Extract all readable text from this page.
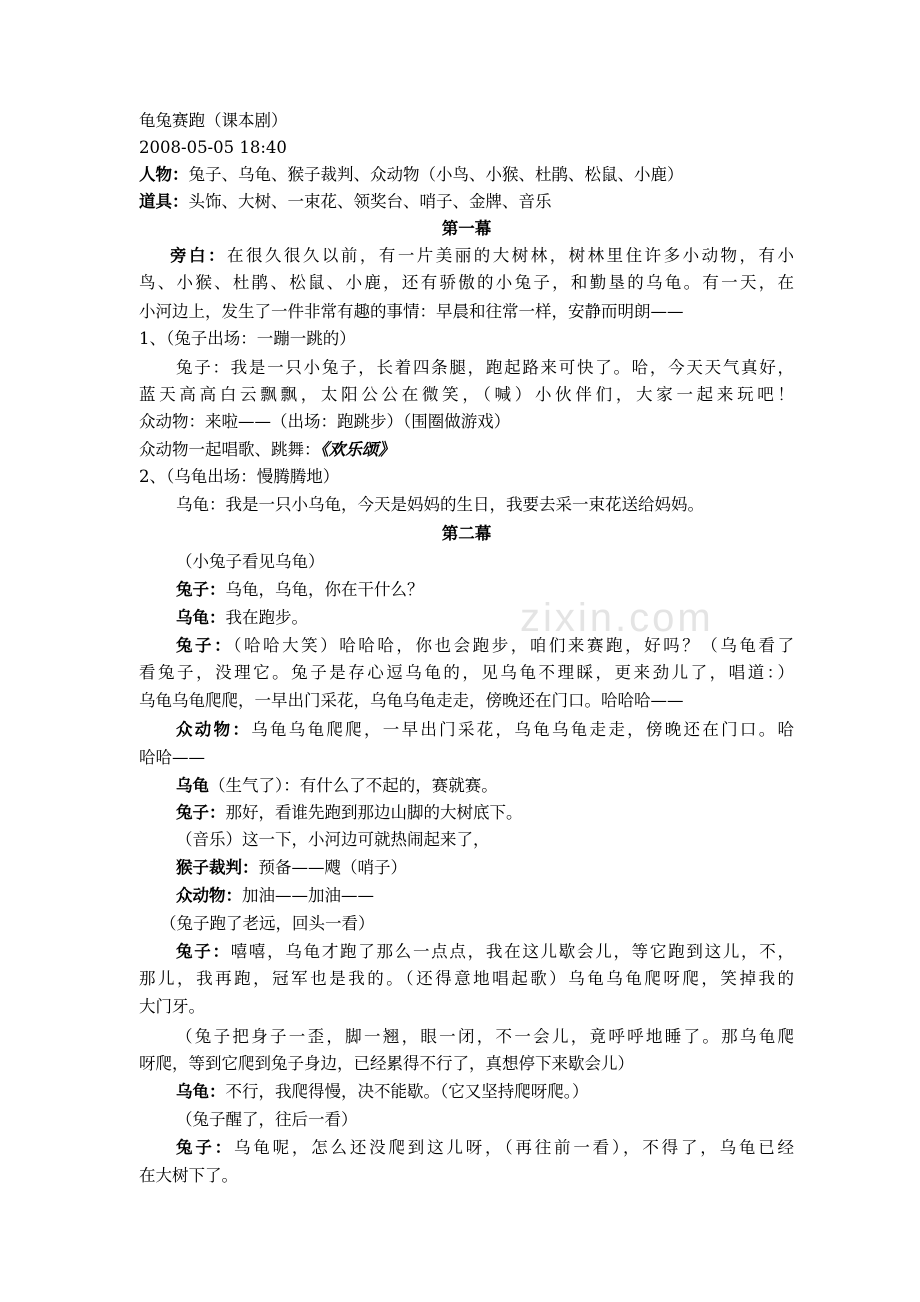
zixin.com
龟兔赛跑（课本剧）
2008-05-05 18:40
人物：兔子、乌龟、猴子裁判、众动物（小鸟、小猴、杜鹃、松鼠、小鹿）
道具：头饰、大树、一束花、领奖台、哨子、金牌、音乐
第一幕
旁白：在很久很久以前，有一片美丽的大树林，树林里住许多小动物，有小
鸟、小猴、杜鹃、松鼠、小鹿，还有骄傲的小兔子，和勤垦的乌龟。有一天，在
小河边上，发生了一件非常有趣的事情：早晨和往常一样，安静而明朗——
1、（兔子出场：一蹦一跳的）
兔子：我是一只小兔子，长着四条腿，跑起路来可快了。哈，今天天气真好，
蓝天高高白云飘飘，太阳公公在微笑，（喊）小伙伴们，大家一起来玩吧！
众动物：来啦——（出场：跑跳步）（围圈做游戏）
众动物一起唱歌、跳舞：《欢乐颂》
2、（乌龟出场：慢腾腾地）
乌龟：我是一只小乌龟，今天是妈妈的生日，我要去采一束花送给妈妈。
第二幕
（小兔子看见乌龟）
兔子：乌龟，乌龟，你在干什么？
乌龟：我在跑步。
兔子：（哈哈大笑）哈哈哈，你也会跑步，咱们来赛跑，好吗？（乌龟看了
看兔子，没理它。兔子是存心逗乌龟的，见乌龟不理睬，更来劲儿了，唱道：）
乌龟乌龟爬爬，一早出门采花，乌龟乌龟走走，傍晚还在门口。哈哈哈——
众动物：乌龟乌龟爬爬，一早出门采花，乌龟乌龟走走，傍晚还在门口。哈
哈哈——
乌龟（生气了）：有什么了不起的，赛就赛。
兔子：那好，看谁先跑到那边山脚的大树底下。
（音乐）这一下，小河边可就热闹起来了，
猴子裁判：预备——飕（哨子）
众动物：加油——加油——
（兔子跑了老远，回头一看）
兔子：嘻嘻，乌龟才跑了那么一点点，我在这儿歇会儿，等它跑到这儿，不，
那儿，我再跑，冠军也是我的。（还得意地唱起歌）乌龟乌龟爬呀爬，笑掉我的
大门牙。
（兔子把身子一歪，脚一翘，眼一闭，不一会儿，竟呼呼地睡了。那乌龟爬
呀爬，等到它爬到兔子身边，已经累得不行了，真想停下来歇会儿）
乌龟：不行，我爬得慢，决不能歇。（它又坚持爬呀爬。）
（兔子醒了，往后一看）
兔子：乌龟呢，怎么还没爬到这儿呀，（再往前一看），不得了，乌龟已经
在大树下了。
